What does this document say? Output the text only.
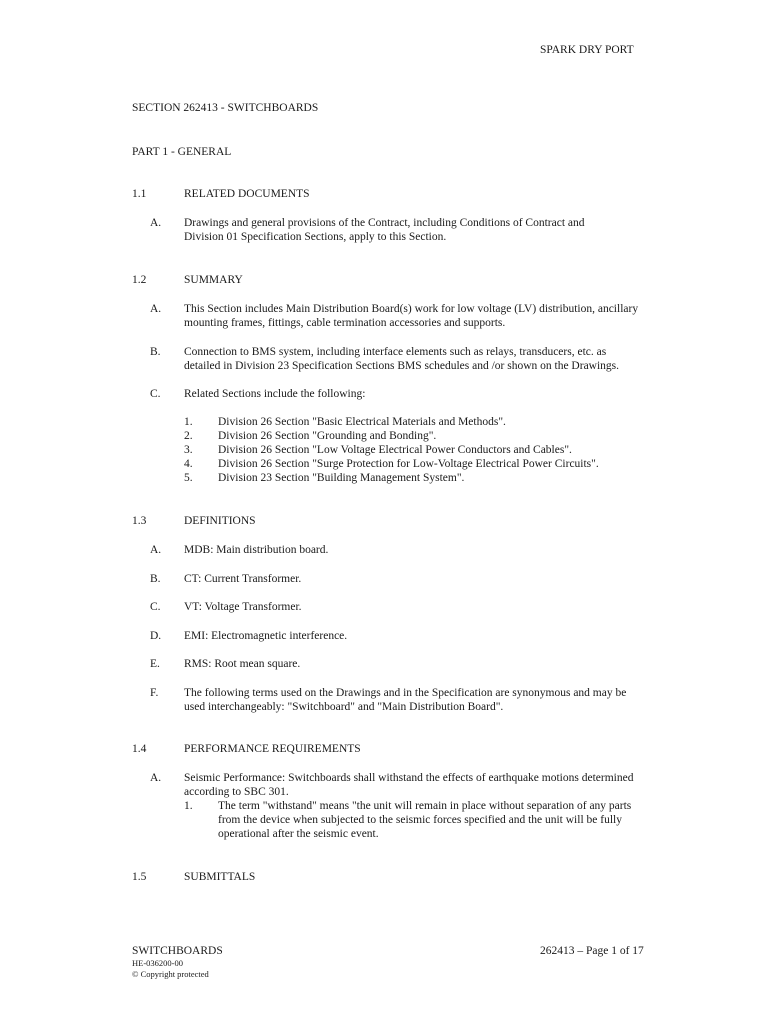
SPARK DRY PORT
SECTION 262413 - SWITCHBOARDS
PART 1 - GENERAL
1.1	RELATED DOCUMENTS
A. Drawings and general provisions of the Contract, including Conditions of Contract and
Division 01 Specification Sections, apply to this Section.
1.2	SUMMARY
A. This Section includes Main Distribution Board(s) work for low voltage (LV) distribution, ancillary
mounting frames, fittings, cable termination accessories and supports.
B. Connection to BMS system, including interface elements such as relays, transducers, etc. as
detailed in Division 23 Specification Sections BMS schedules and /or shown on the Drawings.
C. Related Sections include the following:
1. Division 26 Section "Basic Electrical Materials and Methods".
2. Division 26 Section "Grounding and Bonding".
3. Division 26 Section "Low Voltage Electrical Power Conductors and Cables".
4. Division 26 Section "Surge Protection for Low-Voltage Electrical Power Circuits".
5. Division 23 Section "Building Management System".
1.3	DEFINITIONS
A. MDB: Main distribution board.
B. CT: Current Transformer.
C. VT: Voltage Transformer.
D. EMI: Electromagnetic interference.
E. RMS: Root mean square.
F. The following terms used on the Drawings and in the Specification are synonymous and may be
used interchangeably: "Switchboard" and "Main Distribution Board".
1.4	PERFORMANCE REQUIREMENTS
A. Seismic Performance: Switchboards shall withstand the effects of earthquake motions determined
according to SBC 301.
1. The term "withstand" means "the unit will remain in place without separation of any parts
from the device when subjected to the seismic forces specified and the unit will be fully
operational after the seismic event.
1.5	SUBMITTALS
SWITCHBOARDS	262413 – Page 1 of 17
HE-036200-00
© Copyright protected
